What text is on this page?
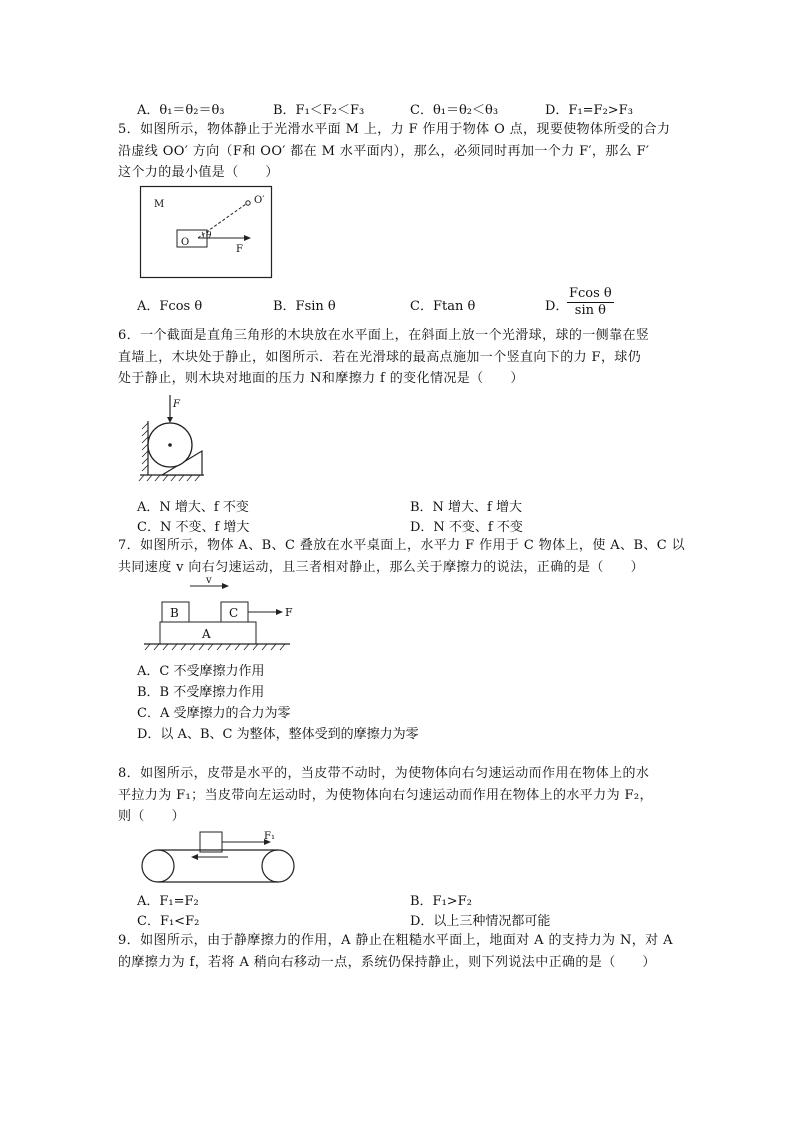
A．θ₁＝θ₂＝θ₃	B．F₁＜F₂＜F₃	C．θ₁＝θ₂＜θ₃	D．F₁=F₂>F₃
5．如图所示，物体静止于光滑水平面 M 上，力 F 作用于物体 O 点，现要使物体所受的合力
沿虚线 OO′ 方向（F和 OO′ 都在 M 水平面内），那么，必须同时再加一个力 F′，那么 F′
这个力的最小值是（　　）
M
O
O′
θ
F
A．Fcos θ	B．Fsin θ	C．Ftan θ	D．
$\frac{\text{Fcos θ}}{\text{sin θ}}$
6．一个截面是直角三角形的木块放在水平面上，在斜面上放一个光滑球，球的一侧靠在竖
直墙上，木块处于静止，如图所示．若在光滑球的最高点施加一个竖直向下的力 F，球仍
处于静止，则木块对地面的压力 N和摩擦力 f 的变化情况是（　　）
F
A．N 增大、f 不变	B．N 增大、f 增大
C．N 不变、f 增大	D．N 不变、f 不变
7．如图所示，物体 A、B、C 叠放在水平桌面上，水平力 F 作用于 C 物体上，使 A、B、C 以
共同速度 v 向右匀速运动，且三者相对静止，那么关于摩擦力的说法，正确的是（　　）
v
B	C	F
A
A．C 不受摩擦力作用
B．B 不受摩擦力作用
C．A 受摩擦力的合力为零
D．以 A、B、C 为整体，整体受到的摩擦力为零
8．如图所示，皮带是水平的，当皮带不动时，为使物体向右匀速运动而作用在物体上的水
平拉力为 F₁；当皮带向左运动时，为使物体向右匀速运动而作用在物体上的水平力为 F₂，
则（　　）
F₁
A．F₁=F₂	B．F₁>F₂
C．F₁<F₂	D．以上三种情况都可能
9．如图所示，由于静摩擦力的作用，A 静止在粗糙水平面上，地面对 A 的支持力为 N，对 A
的摩擦力为 f，若将 A 稍向右移动一点，系统仍保持静止，则下列说法中正确的是（　　）
